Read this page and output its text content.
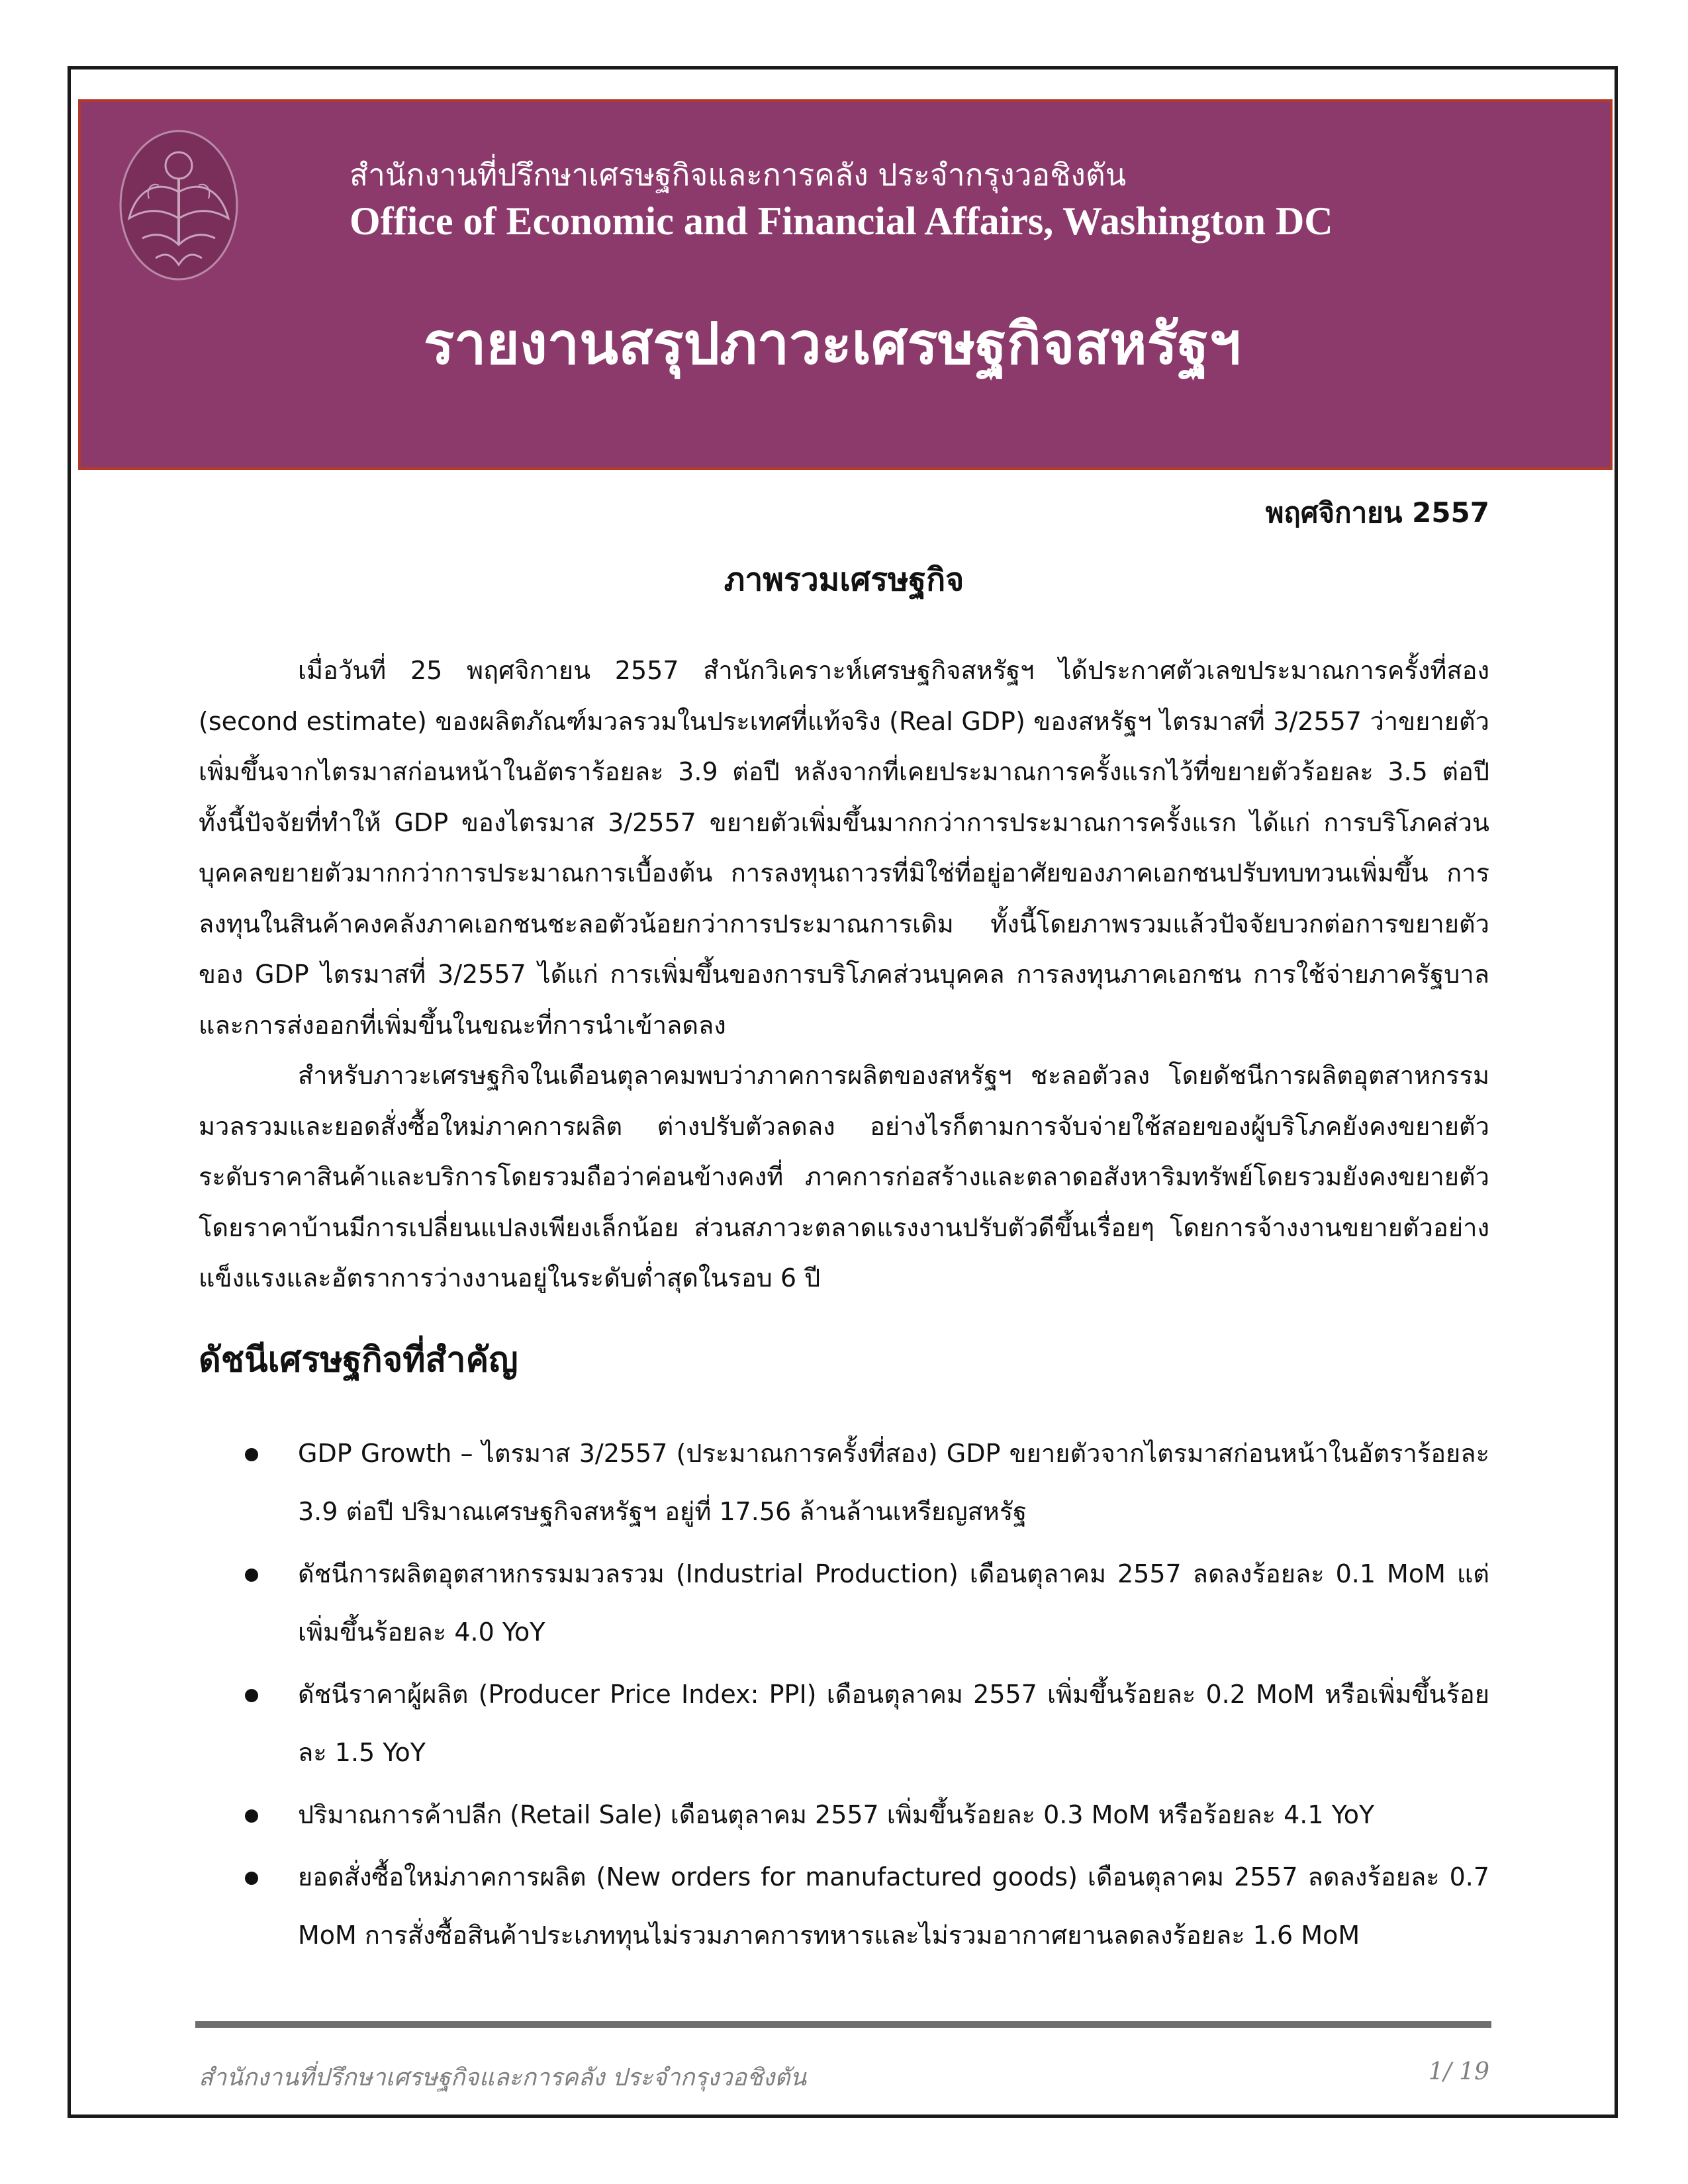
สำนักงานที่ปรึกษาเศรษฐกิจและการคลัง ประจำกรุงวอชิงตัน
Office of Economic and Financial Affairs, Washington DC
รายงานสรุปภาวะเศรษฐกิจสหรัฐฯ
พฤศจิกายน 2557
ภาพรวมเศรษฐกิจ

เมื่อวันที่ 25 พฤศจิกายน 2557 สำนักวิเคราะห์เศรษฐกิจสหรัฐฯ ได้ประกาศตัวเลขประมาณการครั้งที่สอง (second estimate) ของผลิตภัณฑ์มวลรวมในประเทศที่แท้จริง (Real GDP) ของสหรัฐฯ ไตรมาสที่ 3/2557 ว่าขยายตัวเพิ่มขึ้นจากไตรมาสก่อนหน้าในอัตราร้อยละ 3.9 ต่อปี หลังจากที่เคยประมาณการครั้งแรกไว้ที่ขยายตัวร้อยละ 3.5 ต่อปี ทั้งนี้ปัจจัยที่ทำให้ GDP ของไตรมาส 3/2557 ขยายตัวเพิ่มขึ้นมากกว่าการประมาณการครั้งแรก ได้แก่ การบริโภคส่วนบุคคลขยายตัวมากกว่าการประมาณการเบื้องต้น การลงทุนถาวรที่มิใช่ที่อยู่อาศัยของภาคเอกชนปรับทบทวนเพิ่มขึ้น การลงทุนในสินค้าคงคลังภาคเอกชนชะลอตัวน้อยกว่าการประมาณการเดิม ทั้งนี้โดยภาพรวมแล้วปัจจัยบวกต่อการขยายตัวของ GDP ไตรมาสที่ 3/2557 ได้แก่ การเพิ่มขึ้นของการบริโภคส่วนบุคคล การลงทุนภาคเอกชน การใช้จ่ายภาครัฐบาลและการส่งออกที่เพิ่มขึ้นในขณะที่การนำเข้าลดลง

สำหรับภาวะเศรษฐกิจในเดือนตุลาคมพบว่าภาคการผลิตของสหรัฐฯ ชะลอตัวลง โดยดัชนีการผลิตอุตสาหกรรมมวลรวมและยอดสั่งซื้อใหม่ภาคการผลิต ต่างปรับตัวลดลง อย่างไรก็ตามการจับจ่ายใช้สอยของผู้บริโภคยังคงขยายตัว ระดับราคาสินค้าและบริการโดยรวมถือว่าค่อนข้างคงที่ ภาคการก่อสร้างและตลาดอสังหาริมทรัพย์โดยรวมยังคงขยายตัว โดยราคาบ้านมีการเปลี่ยนแปลงเพียงเล็กน้อย ส่วนสภาวะตลาดแรงงานปรับตัวดีขึ้นเรื่อยๆ โดยการจ้างงานขยายตัวอย่างแข็งแรงและอัตราการว่างงานอยู่ในระดับต่ำสุดในรอบ 6 ปี

ดัชนีเศรษฐกิจที่สำคัญ
GDP Growth – ไตรมาส 3/2557 (ประมาณการครั้งที่สอง) GDP ขยายตัวจากไตรมาสก่อนหน้าในอัตราร้อยละ 3.9 ต่อปี ปริมาณเศรษฐกิจสหรัฐฯ อยู่ที่ 17.56 ล้านล้านเหรียญสหรัฐ
ดัชนีการผลิตอุตสาหกรรมมวลรวม (Industrial Production) เดือนตุลาคม 2557 ลดลงร้อยละ 0.1 MoM แต่เพิ่มขึ้นร้อยละ 4.0 YoY
ดัชนีราคาผู้ผลิต (Producer Price Index: PPI) เดือนตุลาคม 2557 เพิ่มขึ้นร้อยละ 0.2 MoM หรือเพิ่มขึ้นร้อยละ 1.5 YoY
ปริมาณการค้าปลีก (Retail Sale) เดือนตุลาคม 2557 เพิ่มขึ้นร้อยละ 0.3 MoM หรือร้อยละ 4.1 YoY
ยอดสั่งซื้อใหม่ภาคการผลิต (New orders for manufactured goods) เดือนตุลาคม 2557 ลดลงร้อยละ 0.7 MoM การสั่งซื้อสินค้าประเภททุนไม่รวมภาคการทหารและไม่รวมอากาศยานลดลงร้อยละ 1.6 MoM
สำนักงานที่ปรึกษาเศรษฐกิจและการคลัง ประจำกรุงวอชิงตัน	1/ 19
